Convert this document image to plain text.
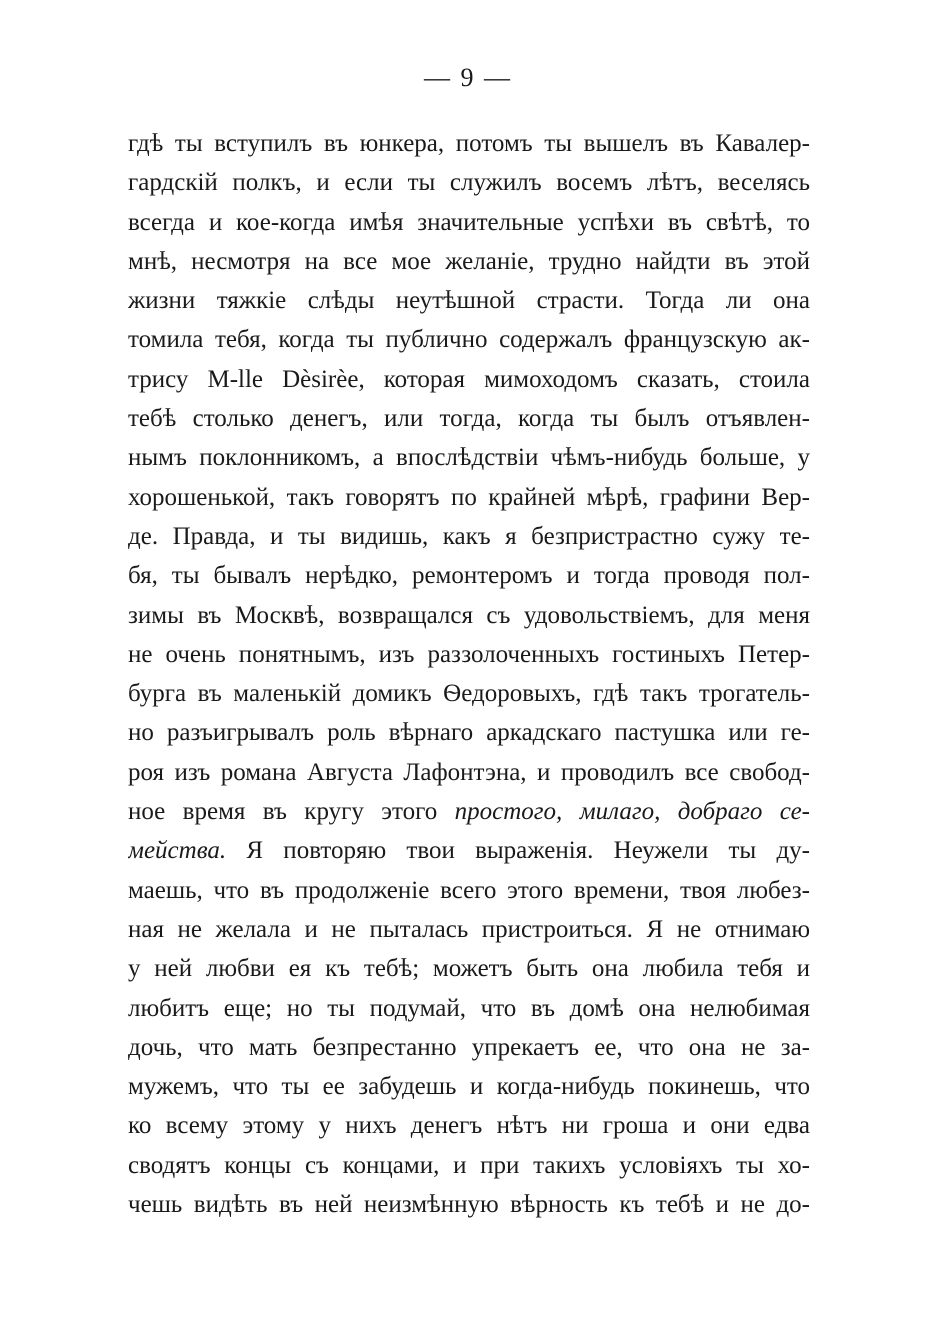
— 9 —
гдѣ ты вступилъ въ юнкера, потомъ ты вышелъ въ Кавалер-
гардскій полкъ, и если ты служилъ восемъ лѣтъ, веселясь
всегда и кое-когда имѣя значительные успѣхи въ свѣтѣ, то
мнѣ, несмотря на все мое желаніе, трудно найдти въ этой
жизни тяжкіе слѣды неутѣшной страсти. Тогда ли она
томила тебя, когда ты публично содержалъ французскую ак-
трису M-lle Dèsirèe, которая мимоходомъ сказать, стоила
тебѣ столько денегъ, или тогда, когда ты былъ отъявлен-
нымъ поклонникомъ, а впослѣдствіи чѣмъ-нибудь больше, у
хорошенькой, такъ говорятъ по крайней мѣрѣ, графини Вер-
де. Правда, и ты видишь, какъ я безпристрастно сужу те-
бя, ты бывалъ нерѣдко, ремонтеромъ и тогда проводя пол-
зимы въ Москвѣ, возвращался съ удовольствіемъ, для меня
не очень понятнымъ, изъ раззолоченныхъ гостиныхъ Петер-
бурга въ маленькій домикъ Ѳедоровыхъ, гдѣ такъ трогатель-
но разъигрывалъ роль вѣрнаго аркадскаго пастушка или ге-
роя изъ романа Августа Лафонтэна, и проводилъ все свобод-
ное время въ кругу этого простого, милаго, добраго се-
мейства. Я повторяю твои выраженія. Неужели ты ду-
маешь, что въ продолженіе всего этого времени, твоя любез-
ная не желала и не пыталась пристроиться. Я не отнимаю
у ней любви ея къ тебѣ; можетъ быть она любила тебя и
любитъ еще; но ты подумай, что въ домѣ она нелюбимая
дочь, что мать безпрестанно упрекаетъ ее, что она не за-
мужемъ, что ты ее забудешь и когда-нибудь покинешь, что
ко всему этому у нихъ денегъ нѣтъ ни гроша и они едва
сводятъ концы съ концами, и при такихъ условіяхъ ты хо-
чешь видѣть въ ней неизмѣнную вѣрность къ тебѣ и не до-
